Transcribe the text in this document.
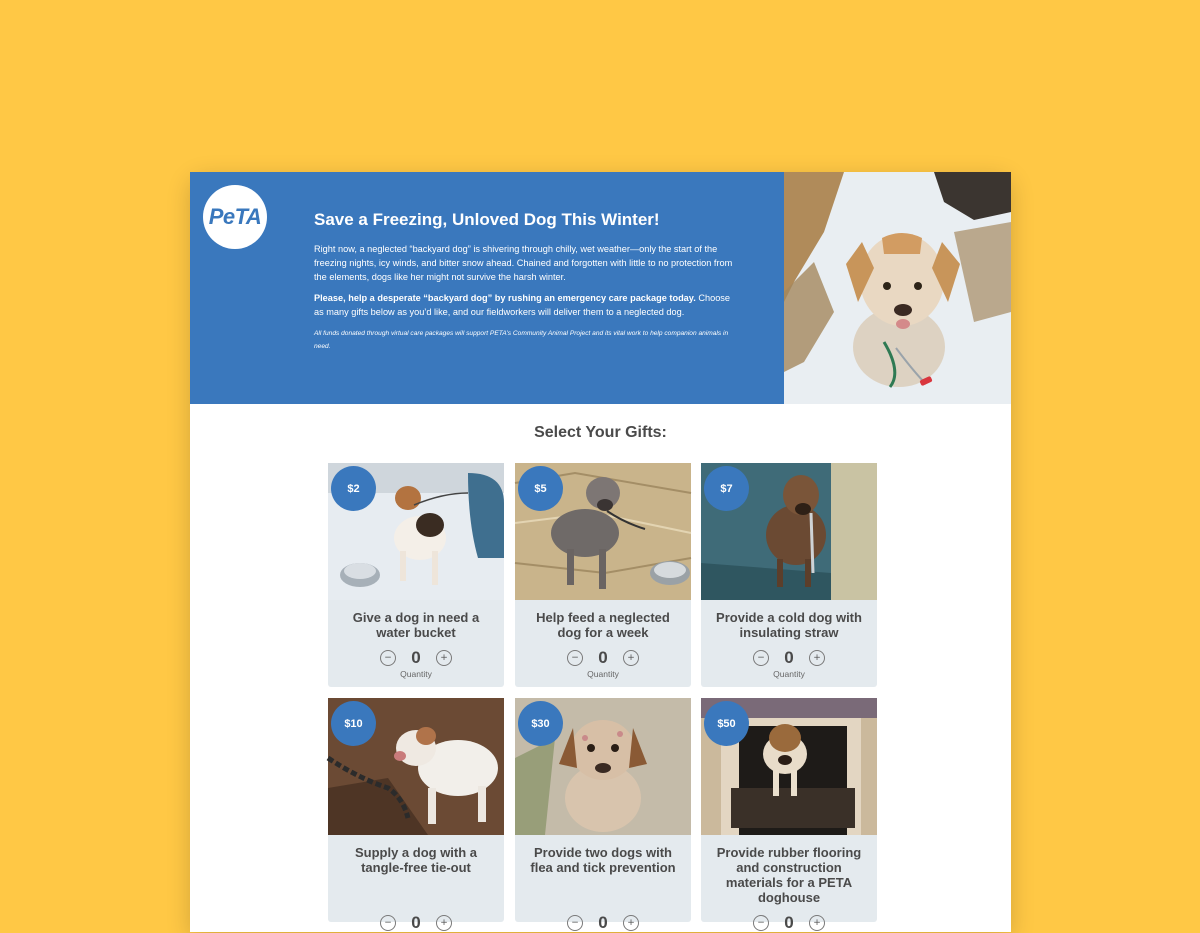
PeTA	Save a Freezing, Unloved Dog This Winter!

Right now, a neglected “backyard dog” is shivering through chilly, wet weather—only the start of the freezing nights, icy winds, and bitter snow ahead. Chained and forgotten with little to no protection from the elements, dogs like her might not survive the harsh winter.

Please, help a desperate “backyard dog” by rushing an emergency care package today. Choose as many gifts below as you’d like, and our fieldworkers will deliver them to a neglected dog.

All funds donated through virtual care packages will support PETA’s Community Animal Project and its vital work to help companion animals in need.

Select Your Gifts:
$2
Give a dog in need a water bucket
−	0	+
Quantity
$5
Help feed a neglected dog for a week
−	0	+
Quantity
$7
Provide a cold dog with insulating straw
−	0	+
Quantity
$10
Supply a dog with a tangle-free tie-out
−	0	+
$30
Provide two dogs with flea and tick prevention
−	0	+
$50
Provide rubber flooring and construction materials for a PETA doghouse
−	0	+
